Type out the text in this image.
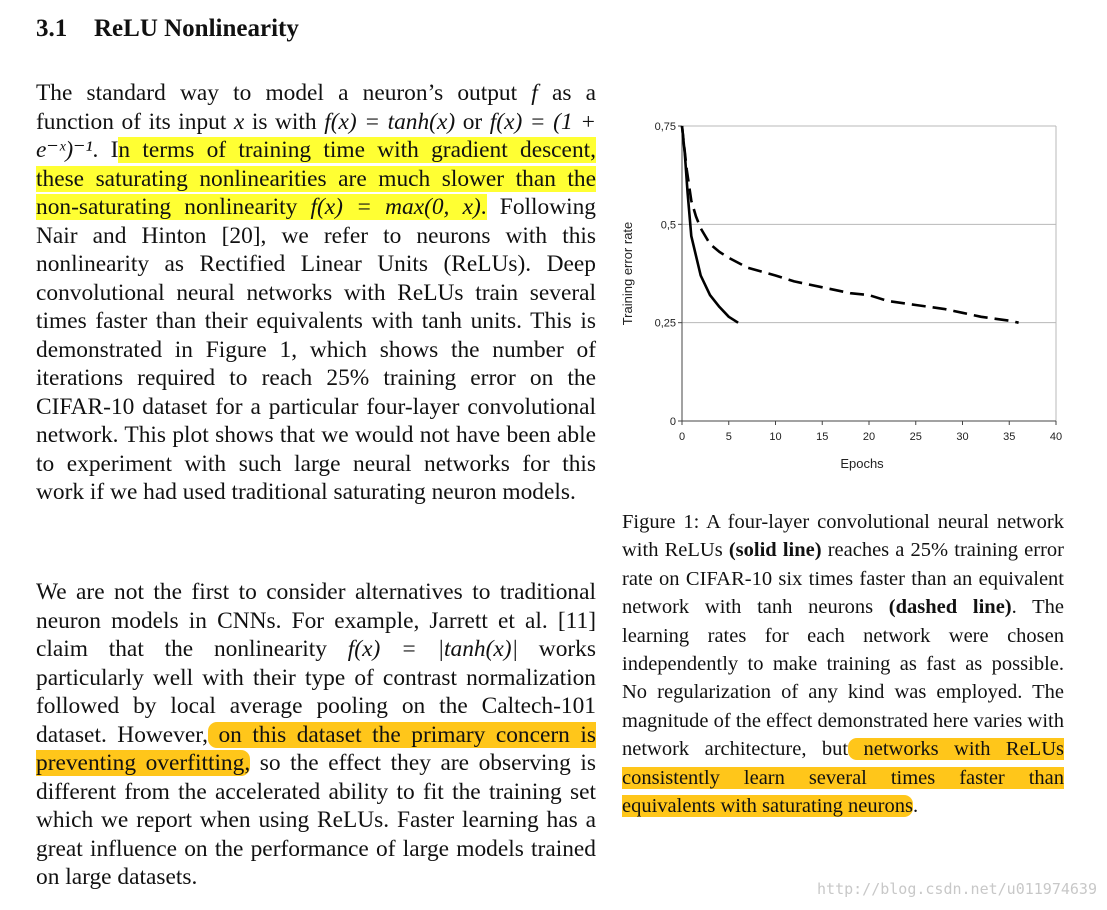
3.1 ReLU Nonlinearity

The standard way to model a neuron’s output f as a function of its input x is with f(x) = tanh(x) or f(x) = (1 + e⁻ˣ)⁻¹. In terms of training time with gradient descent, these saturating nonlinearities are much slower than the non-saturating nonlinearity f(x) = max(0, x). Following Nair and Hinton [20], we refer to neurons with this nonlinearity as Rectified Linear Units (ReLUs). Deep convolutional neural networks with ReLUs train several times faster than their equivalents with tanh units. This is demonstrated in Figure 1, which shows the number of iterations required to reach 25% training error on the CIFAR-10 dataset for a particular four-layer convolutional network. This plot shows that we would not have been able to experiment with such large neural networks for this work if we had used traditional saturating neuron models.

We are not the first to consider alternatives to traditional neuron models in CNNs. For example, Jarrett et al. [11] claim that the nonlinearity f(x) = |tanh(x)| works particularly well with their type of contrast normalization followed by local average pooling on the Caltech-101 dataset. However, on this dataset the primary concern is preventing overfitting, so the effect they are observing is different from the accelerated ability to fit the training set which we report when using ReLUs. Faster learning has a great influence on the performance of large models trained on large datasets.

0
0,25
0,5
0,75
0	5	10	15	20	25	30	35	40
Epochs
Training error rate

Figure 1: A four-layer convolutional neural network with ReLUs (solid line) reaches a 25% training error rate on CIFAR-10 six times faster than an equivalent network with tanh neurons (dashed line). The learning rates for each network were chosen independently to make training as fast as possible. No regularization of any kind was employed. The magnitude of the effect demonstrated here varies with network architecture, but networks with ReLUs consistently learn several times faster than equivalents with saturating neurons.

http://blog.csdn.net/u011974639
